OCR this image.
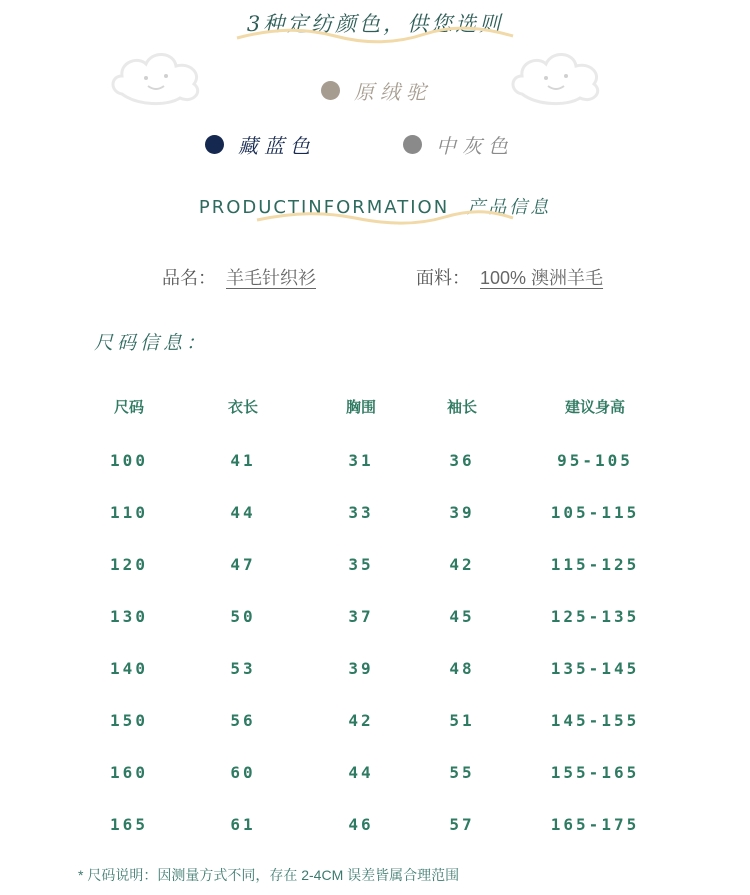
3种定纺颜色，供您选则
原绒驼
藏蓝色	中灰色
PRODUCTINFORMATION 产品信息
品名： 羊毛针织衫	面料： 100% 澳洲羊毛
尺码信息：
尺码	衣长	胸围	袖长	建议身高
100	41	31	36	95-105
110	44	33	39	105-115
120	47	35	42	115-125
130	50	37	45	125-135
140	53	39	48	135-145
150	56	42	51	145-155
160	60	44	55	155-165
165	61	46	57	165-175
* 尺码说明：因测量方式不同，存在 2-4CM 误差皆属合理范围
